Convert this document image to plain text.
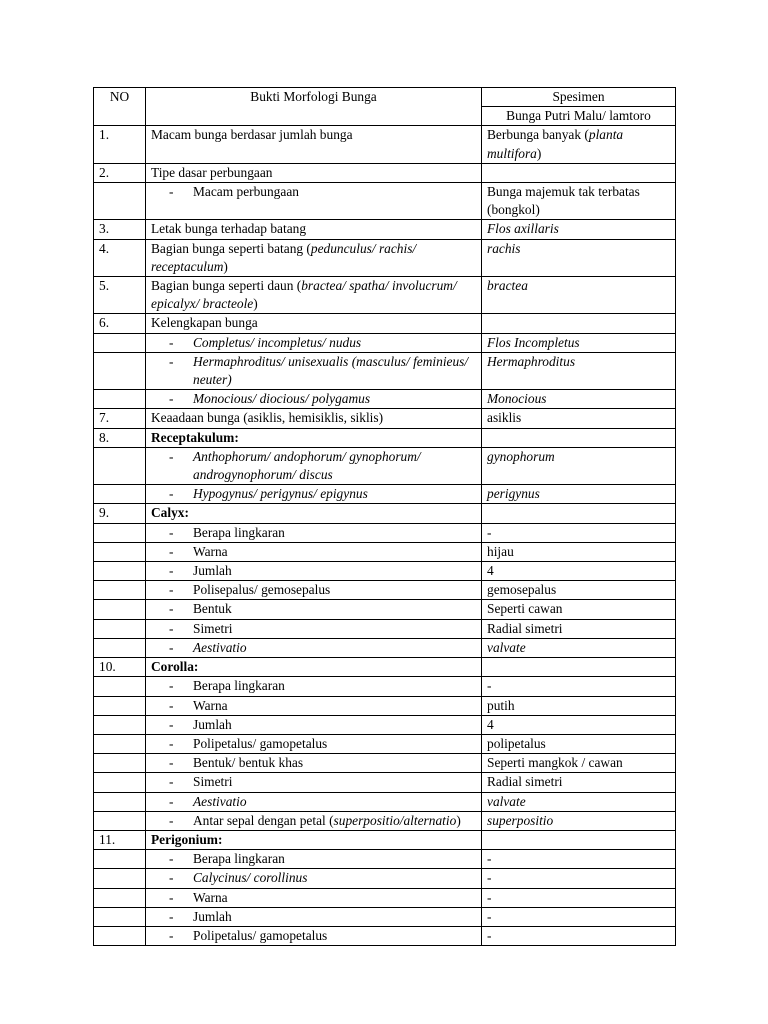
NO	Bukti Morfologi Bunga	Spesimen
		Bunga Putri Malu/ lamtoro
1.	Macam bunga berdasar jumlah bunga	Berbunga banyak (planta multifora)
2.	Tipe dasar perbungaan	
	- Macam perbungaan	Bunga majemuk tak terbatas (bongkol)
3.	Letak bunga terhadap batang	Flos axillaris
4.	Bagian bunga seperti batang (pedunculus/ rachis/ receptaculum)	rachis
5.	Bagian bunga seperti daun (bractea/ spatha/ involucrum/ epicalyx/ bracteole)	bractea
6.	Kelengkapan bunga	
	- Completus/ incompletus/ nudus	Flos Incompletus
	- Hermaphroditus/ unisexualis (masculus/ feminieus/ neuter)	Hermaphroditus
	- Monocious/ diocious/ polygamus	Monocious
7.	Keaadaan bunga (asiklis, hemisiklis, siklis)	asiklis
8.	Receptakulum:	
	- Anthophorum/ andophorum/ gynophorum/ androgynophorum/ discus	gynophorum
	- Hypogynus/ perigynus/ epigynus	perigynus
9.	Calyx:	
	- Berapa lingkaran	-
	- Warna	hijau
	- Jumlah	4
	- Polisepalus/ gemosepalus	gemosepalus
	- Bentuk	Seperti cawan
	- Simetri	Radial simetri
	- Aestivatio	valvate
10.	Corolla:	
	- Berapa lingkaran	-
	- Warna	putih
	- Jumlah	4
	- Polipetalus/ gamopetalus	polipetalus
	- Bentuk/ bentuk khas	Seperti mangkok / cawan
	- Simetri	Radial simetri
	- Aestivatio	valvate
	- Antar sepal dengan petal (superpositio/alternatio)	superpositio
11.	Perigonium:	
	- Berapa lingkaran	-
	- Calycinus/ corollinus	-
	- Warna	-
	- Jumlah	-
	- Polipetalus/ gamopetalus	-
